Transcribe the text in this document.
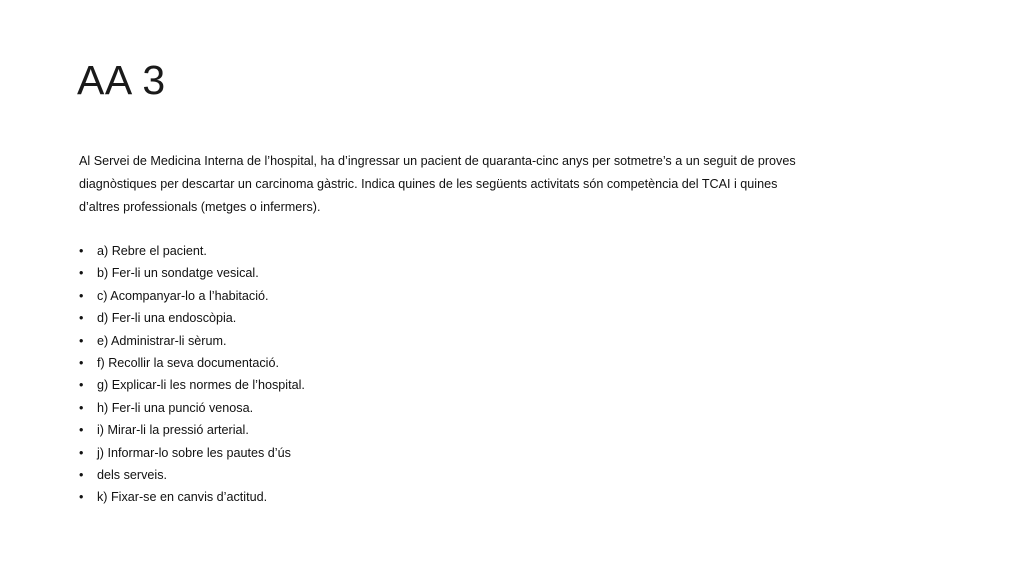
AA 3
Al Servei de Medicina Interna de l’hospital, ha d’ingressar un pacient de quaranta-cinc anys per sotmetre’s a un seguit de proves
diagnòstiques per descartar un carcinoma gàstric. Indica quines de les següents activitats són competència del TCAI i quines
d’altres professionals (metges o infermers).
• a) Rebre el pacient.
• b) Fer-li un sondatge vesical.
• c) Acompanyar-lo a l’habitació.
• d) Fer-li una endoscòpia.
• e) Administrar-li sèrum.
• f) Recollir la seva documentació.
• g) Explicar-li les normes de l’hospital.
• h) Fer-li una punció venosa.
• i) Mirar-li la pressió arterial.
• j) Informar-lo sobre les pautes d’ús
• dels serveis.
• k) Fixar-se en canvis d’actitud.
